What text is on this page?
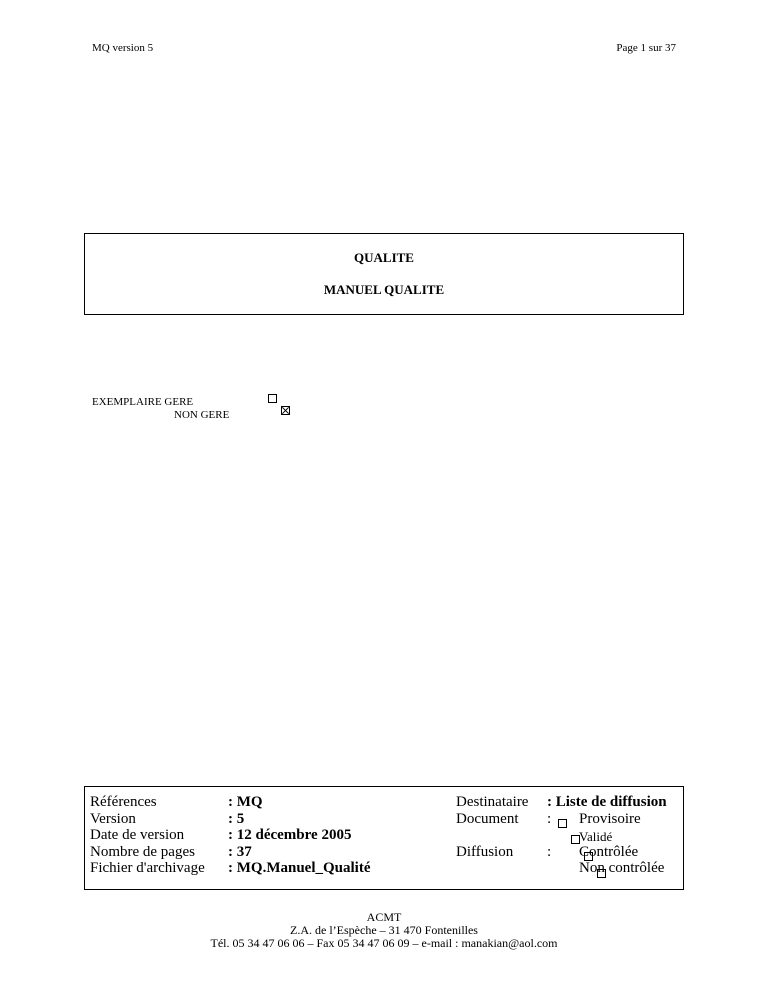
MQ version 5	Page 1 sur 37
QUALITE
MANUEL QUALITE
EXEMPLAIRE GERE
NON GERE

Références
Version
Date de version
Nombre de pages
Fichier d'archivage
: MQ
: 5
: 12 décembre 2005
: 37
: MQ.Manuel_Qualité
Destinataire
Document
Diffusion
: Liste de diffusion
:
Provisoire

Validé
:
Contrôlée
Non contrôlée
ACMT
Z.A. de l’Espèche – 31 470 Fontenilles
Tél. 05 34 47 06 06 – Fax 05 34 47 06 09 – e-mail : manakian@aol.com
